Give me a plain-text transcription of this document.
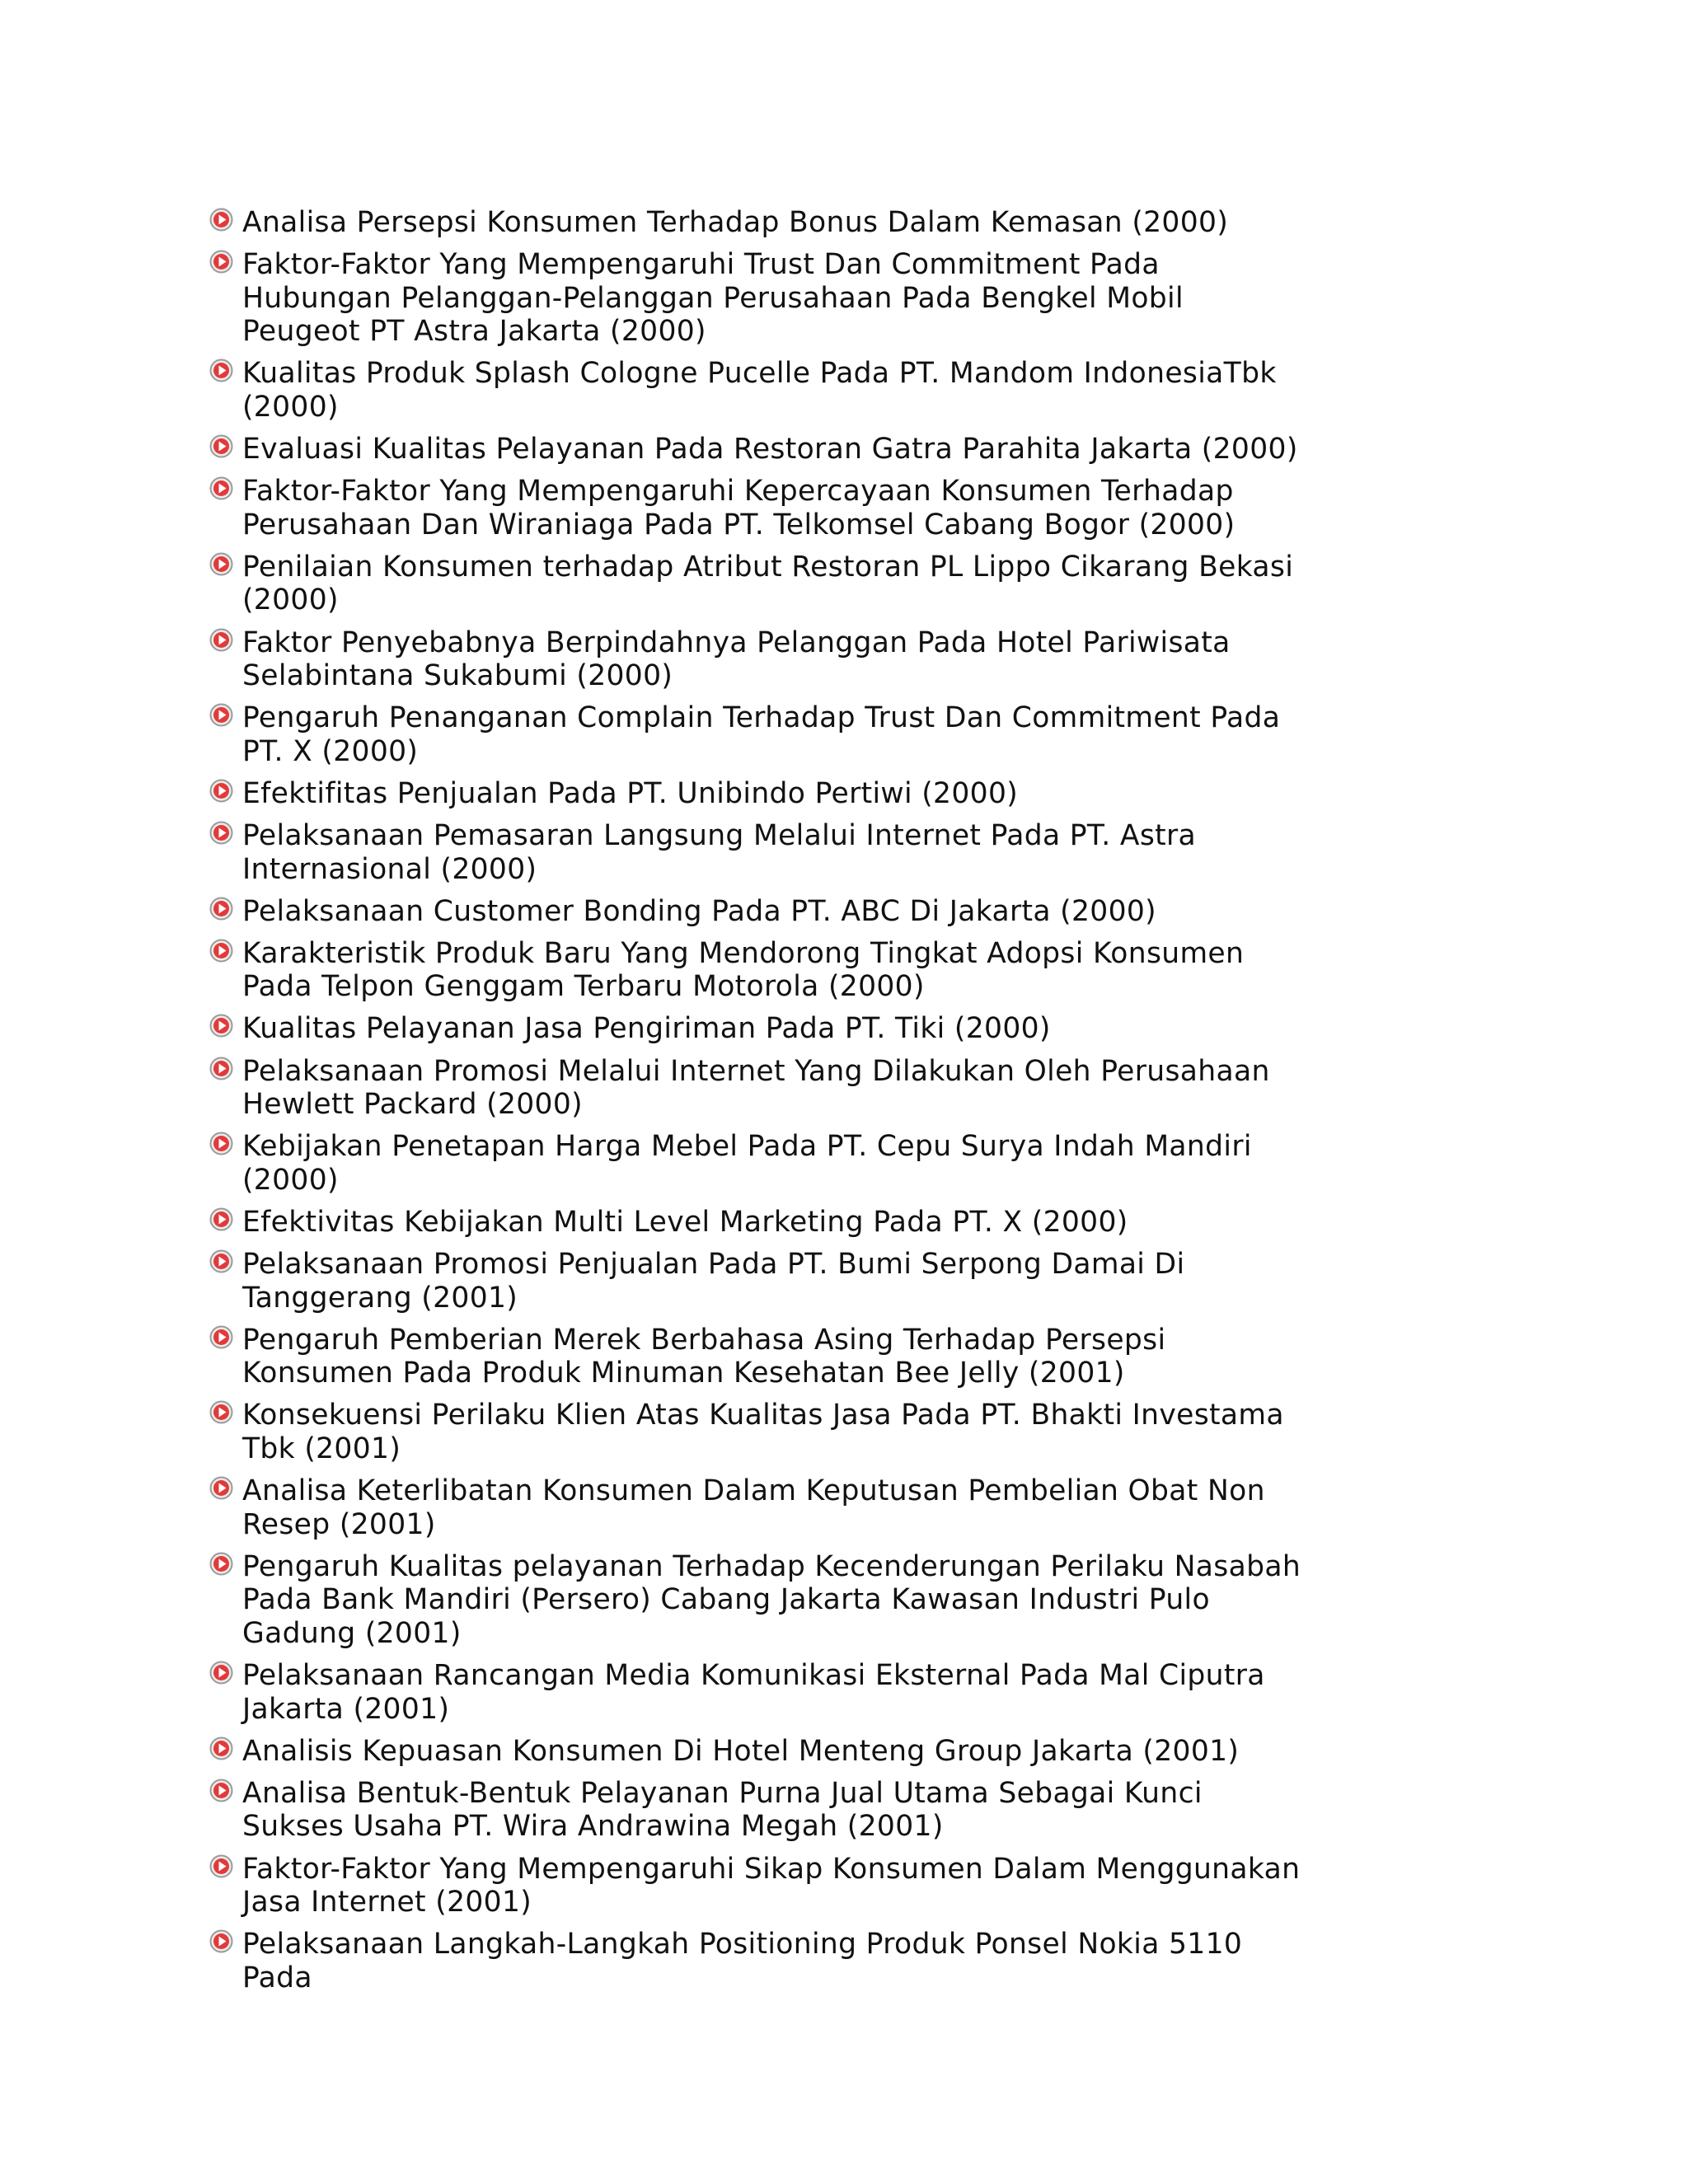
Analisa Persepsi Konsumen Terhadap Bonus Dalam Kemasan (2000)
Faktor-Faktor Yang Mempengaruhi Trust Dan Commitment Pada Hubungan Pelanggan-Pelanggan Perusahaan Pada Bengkel Mobil Peugeot PT Astra Jakarta (2000)
Kualitas Produk Splash Cologne Pucelle Pada PT. Mandom IndonesiaTbk (2000)
Evaluasi Kualitas Pelayanan Pada Restoran Gatra Parahita Jakarta (2000)
Faktor-Faktor Yang Mempengaruhi Kepercayaan Konsumen Terhadap Perusahaan Dan Wiraniaga Pada PT. Telkomsel Cabang Bogor (2000)
Penilaian Konsumen terhadap Atribut Restoran PL Lippo Cikarang Bekasi (2000)
Faktor Penyebabnya Berpindahnya Pelanggan Pada Hotel Pariwisata Selabintana Sukabumi (2000)
Pengaruh Penanganan Complain Terhadap Trust Dan Commitment Pada PT. X (2000)
Efektifitas Penjualan Pada PT. Unibindo Pertiwi (2000)
Pelaksanaan Pemasaran Langsung Melalui Internet Pada PT. Astra Internasional (2000)
Pelaksanaan Customer Bonding Pada PT. ABC Di Jakarta (2000)
Karakteristik Produk Baru Yang Mendorong Tingkat Adopsi Konsumen Pada Telpon Genggam Terbaru Motorola (2000)
Kualitas Pelayanan Jasa Pengiriman Pada PT. Tiki (2000)
Pelaksanaan Promosi Melalui Internet Yang Dilakukan Oleh Perusahaan Hewlett Packard (2000)
Kebijakan Penetapan Harga Mebel Pada PT. Cepu Surya Indah Mandiri (2000)
Efektivitas Kebijakan Multi Level Marketing Pada PT. X (2000)
Pelaksanaan Promosi Penjualan Pada PT. Bumi Serpong Damai Di Tanggerang (2001)
Pengaruh Pemberian Merek Berbahasa Asing Terhadap Persepsi Konsumen Pada Produk Minuman Kesehatan Bee Jelly (2001)
Konsekuensi Perilaku Klien Atas Kualitas Jasa Pada PT. Bhakti Investama Tbk (2001)
Analisa Keterlibatan Konsumen Dalam Keputusan Pembelian Obat Non Resep (2001)
Pengaruh Kualitas pelayanan Terhadap Kecenderungan Perilaku Nasabah Pada Bank Mandiri (Persero) Cabang Jakarta Kawasan Industri Pulo Gadung (2001)
Pelaksanaan Rancangan Media Komunikasi Eksternal Pada Mal Ciputra Jakarta (2001)
Analisis Kepuasan Konsumen Di Hotel Menteng Group Jakarta (2001)
Analisa Bentuk-Bentuk Pelayanan Purna Jual Utama Sebagai Kunci Sukses Usaha PT. Wira Andrawina Megah (2001)
Faktor-Faktor Yang Mempengaruhi Sikap Konsumen Dalam Menggunakan Jasa Internet (2001)
Pelaksanaan Langkah-Langkah Positioning Produk Ponsel Nokia 5110 Pada
